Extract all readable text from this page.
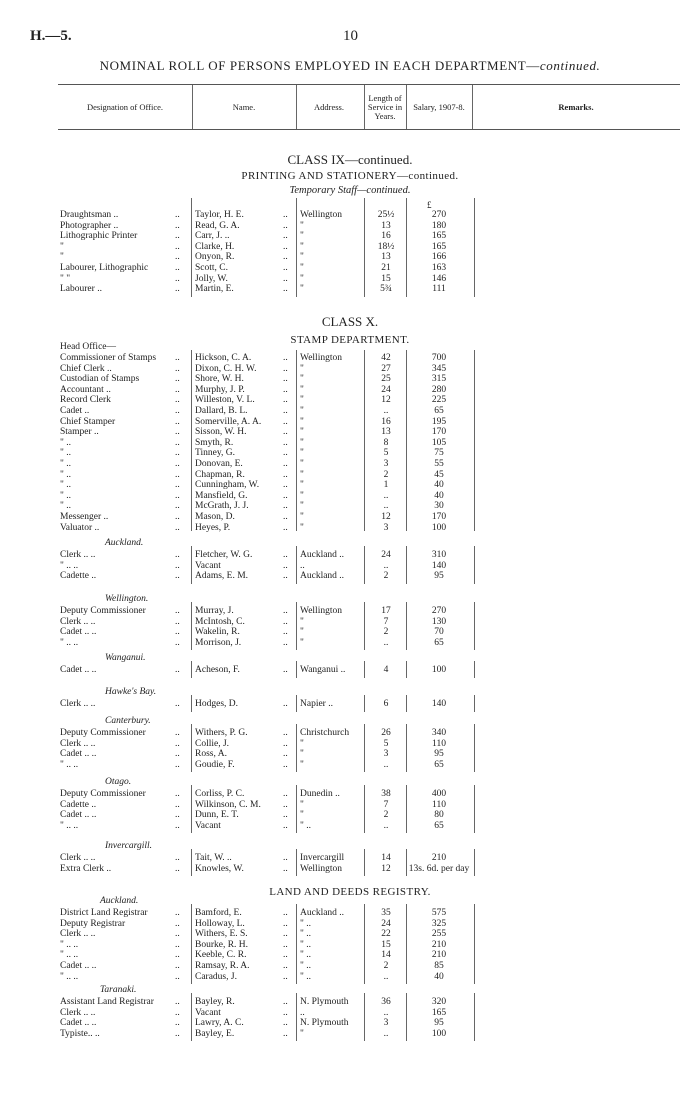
H.—5.	10
NOMINAL ROLL OF PERSONS EMPLOYED IN EACH DEPARTMENT—continued.
Designation of Office.	Name.	Address.
Length of Service in Years.
Salary, 1907-8.	Remarks.
CLASS IX—continued.
PRINTING AND STATIONERY—continued.
Temporary Staff—continued.
£
Draughtsman ..	.. Taylor, H. E.	.. Wellington	25½	270
Photographer ..	.. Read, G. A.	.. "	13	180
Lithographic Printer	.. Carr, J. ..	.. "	16	165
"	.. Clarke, H.	.. "	18½	165
"	.. Onyon, R.	.. "	13	166
Labourer, Lithographic	.. Scott, C.	.. "	21	163
" "	.. Jolly, W.	.. "	15	146
Labourer ..	.. Martin, E.	.. "	5¾	111
CLASS X.
STAMP DEPARTMENT.
Head Office—
Commissioner of Stamps .. Hickson, C. A.	.. Wellington	42	700
Chief Clerk ..	.. Dixon, C. H. W.	.. "	27	345
Custodian of Stamps	.. Shore, W. H.	.. "	25	315
Accountant ..	.. Murphy, J. P.	.. "	24	280
Record Clerk	.. Willeston, V. L.	.. "	12	225
Cadet ..	.. Dallard, B. L.	.. "	..	65
Chief Stamper	.. Somerville, A. A. .. "	16	195
Stamper ..	.. Sisson, W. H.	.. "	13	170
" ..	.. Smyth, R.	.. "	8	105
" ..	.. Tinney, G.	.. "	5	75
" ..	.. Donovan, E.	.. "	3	55
" ..	.. Chapman, R.	.. "	2	45
" ..	.. Cunningham, W.	.. "	1	40
" ..	.. Mansfield, G.	.. "	..	40
" ..	.. McGrath, J. J.	.. "	..	30
Messenger ..	.. Mason, D.	.. "	12	170
Valuator ..	.. Heyes, P.	.. "	3	100
Auckland.
Clerk .. ..	.. Fletcher, W. G.	.. Auckland ..	24	310
" .. ..	.. Vacant	.. ..	..	140
Cadette ..	.. Adams, E. M.	.. Auckland ..	2	95
Wellington.
Deputy Commissioner	.. Murray, J.	.. Wellington	17	270
Clerk .. ..	.. McIntosh, C.	.. "	7	130
Cadet .. ..	.. Wakelin, R.	.. "	2	70
" .. ..	.. Morrison, J.	.. "	..	65
Wanganui.
Cadet .. ..	.. Acheson, F.	.. Wanganui ..	4	100
Hawke's Bay.
Clerk .. ..	.. Hodges, D.	.. Napier ..	6	140
Canterbury.
Deputy Commissioner	.. Withers, P. G.	.. Christchurch	26	340
Clerk .. ..	.. Collie, J.	.. "	5	110
Cadet .. ..	.. Ross, A.	.. "	3	95
" .. ..	.. Goudie, F.	.. "	..	65
Otago.
Deputy Commissioner	.. Corliss, P. C.	.. Dunedin ..	38	400
Cadette ..	.. Wilkinson, C. M. .. "	7	110
Cadet .. ..	.. Dunn, E. T.	.. "	2	80
" .. ..	.. Vacant	.. " ..	..	65
Invercargill.
Clerk .. ..	.. Tait, W. ..	.. Invercargill	14	210
Extra Clerk ..	.. Knowles, W.	.. Wellington	12	13s. 6d. per day
LAND AND DEEDS REGISTRY.
Auckland.
District Land Registrar	.. Bamford, E.	.. Auckland ..	35	575
Deputy Registrar	.. Holloway, L.	.. " ..	24	325
Clerk .. ..	.. Withers, E. S.	.. " ..	22	255
" .. ..	.. Bourke, R. H.	.. " ..	15	210
" .. ..	.. Keeble, C. R.	.. " ..	14	210
Cadet .. ..	.. Ramsay, R. A.	.. " ..	2	85
" .. ..	.. Caradus, J.	.. " ..	..	40
Taranaki.
Assistant Land Registrar .. Bayley, R.	.. N. Plymouth	36	320
Clerk .. ..	.. Vacant	.. ..	..	165
Cadet .. ..	.. Lawry, A. C.	.. N. Plymouth	3	95
Typiste.. ..	.. Bayley, E.	.. "	..	100
